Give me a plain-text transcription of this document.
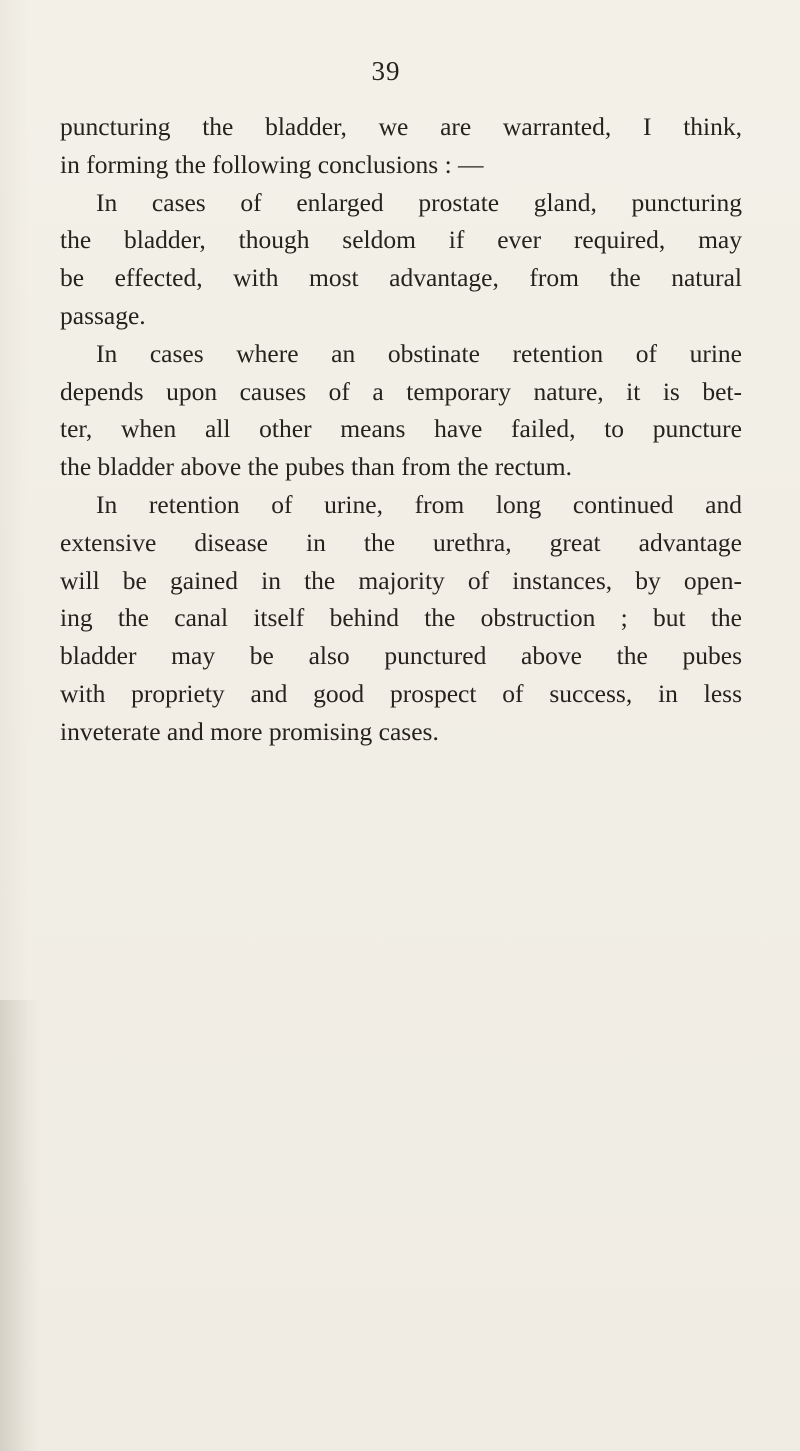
39
puncturing the bladder, we are warranted, I think,
in forming the following conclusions : —
In cases of enlarged prostate gland, puncturing
the bladder, though seldom if ever required, may
be effected, with most advantage, from the natural
passage.
In cases where an obstinate retention of urine
depends upon causes of a temporary nature, it is bet-
ter, when all other means have failed, to puncture
the bladder above the pubes than from the rectum.
In retention of urine, from long continued and
extensive disease in the urethra, great advantage
will be gained in the majority of instances, by open-
ing the canal itself behind the obstruction ; but the
bladder may be also punctured above the pubes
with propriety and good prospect of success, in less
inveterate and more promising cases.
